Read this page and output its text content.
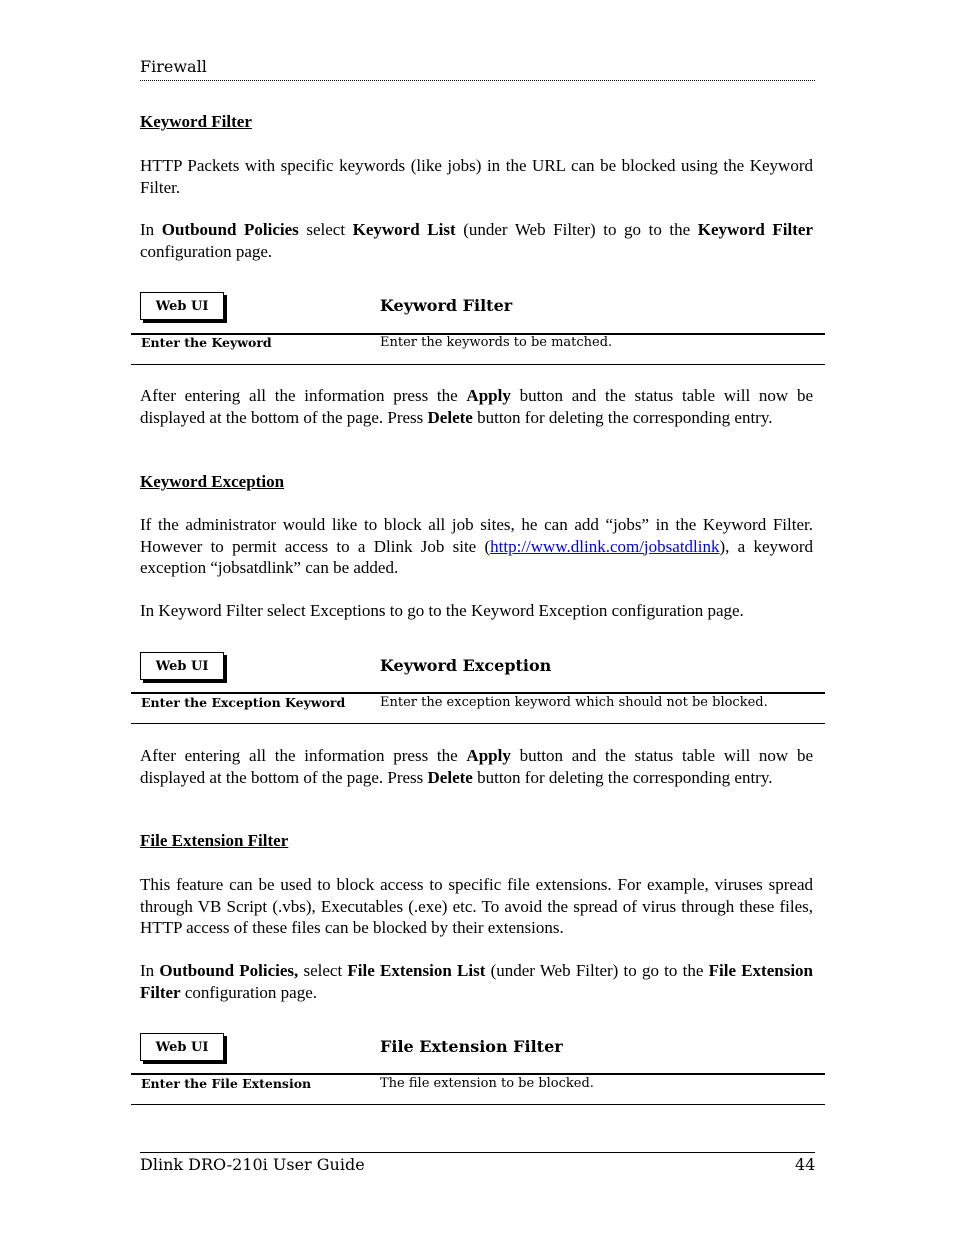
Firewall
Keyword Filter
HTTP Packets with specific keywords (like jobs) in the URL can be blocked using the Keyword Filter.
In Outbound Policies select Keyword List (under Web Filter) to go to the Keyword Filter configuration page.
Web UI	Keyword Filter
Enter the Keyword	Enter the keywords to be matched.
After entering all the information press the Apply button and the status table will now be displayed at the bottom of the page. Press Delete button for deleting the corresponding entry.
Keyword Exception
If the administrator would like to block all job sites, he can add “jobs” in the Keyword Filter. However to permit access to a Dlink Job site (http://www.dlink.com/jobsatdlink), a keyword exception “jobsatdlink” can be added.
In Keyword Filter select Exceptions to go to the Keyword Exception configuration page.
Web UI	Keyword Exception
Enter the Exception Keyword	Enter the exception keyword which should not be blocked.
After entering all the information press the Apply button and the status table will now be displayed at the bottom of the page. Press Delete button for deleting the corresponding entry.
File Extension Filter
This feature can be used to block access to specific file extensions. For example, viruses spread through VB Script (.vbs), Executables (.exe) etc. To avoid the spread of virus through these files, HTTP access of these files can be blocked by their extensions.
In Outbound Policies, select File Extension List (under Web Filter) to go to the File Extension Filter configuration page.
Web UI	File Extension Filter
Enter the File Extension	The file extension to be blocked.
Dlink DRO-210i User Guide	44
